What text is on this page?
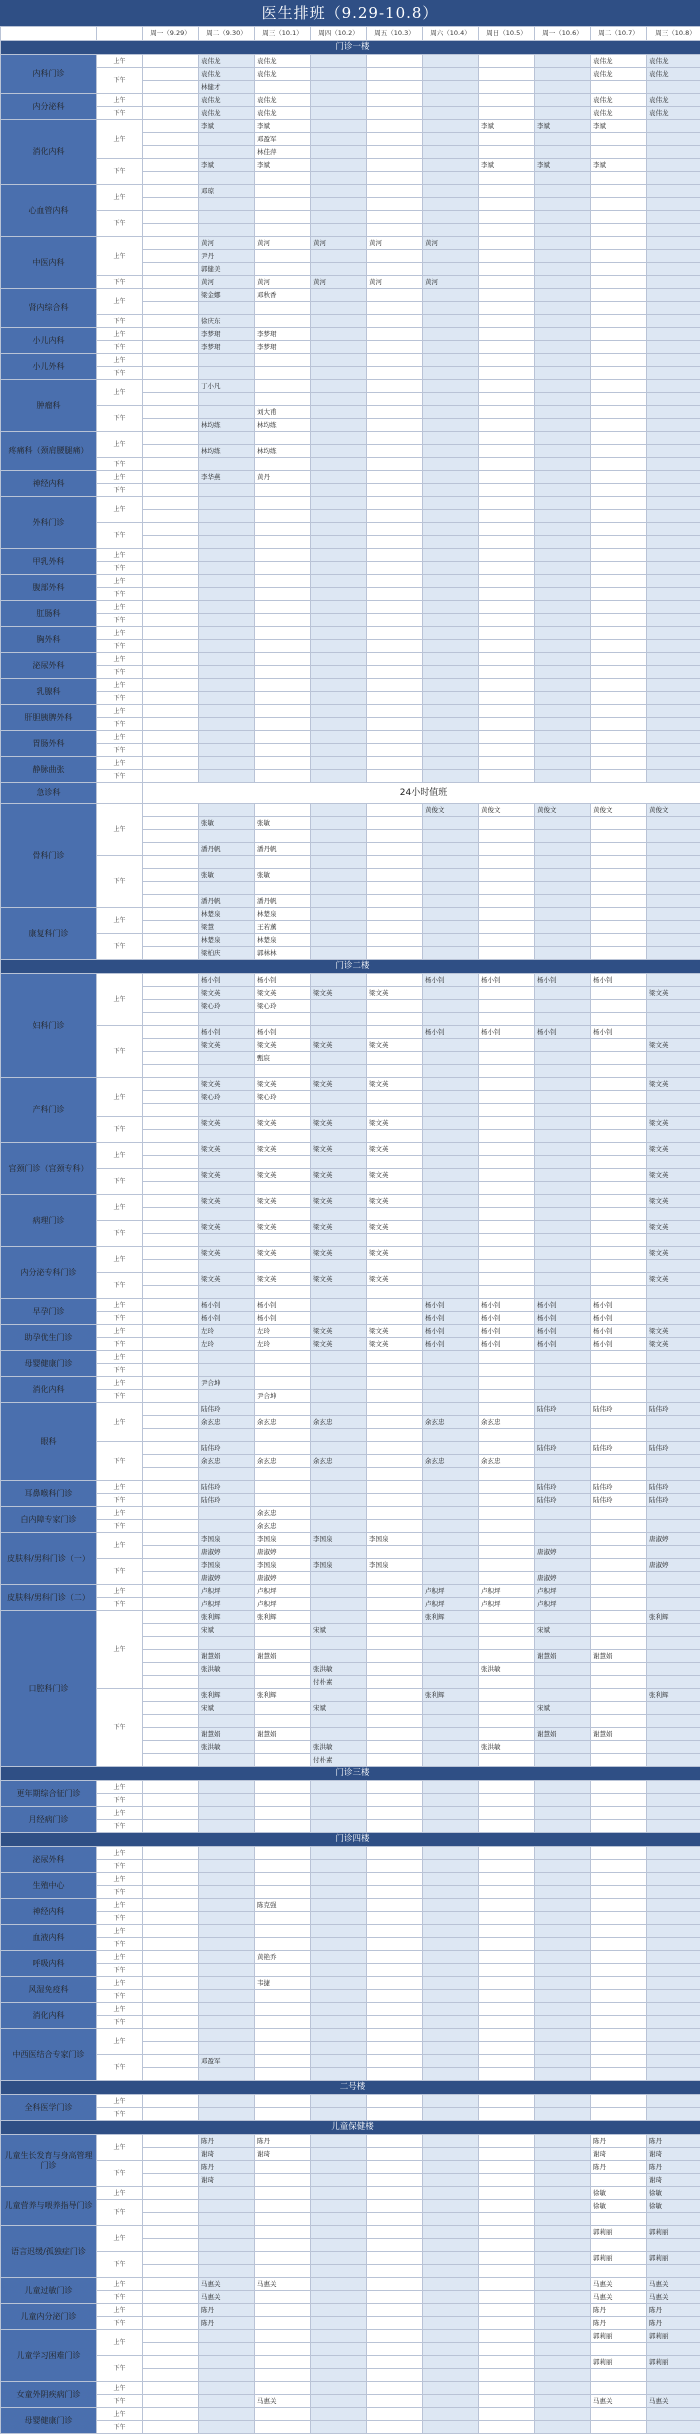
医生排班（9.29-10.8）
		周一（9.29）	周二（9.30）	周三（10.1）	周四（10.2）	周五（10.3）	周六（10.4）	周日（10.5）	周一（10.6）	周二（10.7）	周三（10.8）
门诊一楼											
内科门诊	上午		袁伟龙	袁伟龙						袁伟龙	袁伟龙
	下午		袁伟龙	袁伟龙						袁伟龙	袁伟龙
			林健才								
内分泌科	上午		袁伟龙	袁伟龙						袁伟龙	袁伟龙
	下午		袁伟龙	袁伟龙						袁伟龙	袁伟龙
消化内科	上午		李斌	李斌				李斌	李斌	李斌	
				邓盈军							
				林佳萍							
	下午		李斌	李斌				李斌	李斌	李斌	

心血管内科	上午		邓琼								

	下午										

中医内科	上午		黄河	黄河	黄河	黄河	黄河				
			尹丹								
			郭健美								
	下午		黄河	黄河	黄河	黄河	黄河				
肾内综合科	上午		梁金娜	邓秋香							

	下午		徐庆东								
小儿内科	上午		李梦珺	李梦珺							
	下午		李梦珺	李梦珺							
小儿外科	上午										
	下午										
肿瘤科	上午		丁小凡								

	下午			刘大甫							
			林均练	林均练							
疼痛科（颈肩腰腿痛）	上午										
			林均练	林均练							
	下午										
神经内科	上午		李华燕	黄丹							
	下午										
外科门诊	上午										

	下午										

甲乳外科	上午										
	下午										
腹部外科	上午										
	下午										
肛肠科	上午										
	下午										
胸外科	上午										
	下午										
泌尿外科	上午										
	下午										
乳腺科	上午										
	下午										
肝胆胰脾外科	上午										
	下午										
胃肠外科	上午										
	下午										
静脉曲张	上午										
	下午										
急诊科		24小时值班									
骨科门诊	上午						黄俊文	黄俊文	黄俊文	黄俊文	黄俊文
			张敏	张敏							

			潘丹帆	潘丹帆							
	下午										
			张敏	张敏							

			潘丹帆	潘丹帆							
康复科门诊	上午		林楚泉	林楚泉							
			梁慧	王若薰							
	下午		林楚泉	林楚泉							
			梁柏庆	郭林林							
门诊二楼											
妇科门诊	上午		杨小钊	杨小钊			杨小钊	杨小钊	杨小钊	杨小钊	
			梁文英	梁文英	梁文英	梁文英					梁文英
			梁心玲	梁心玲							

	下午		杨小钊	杨小钊			杨小钊	杨小钊	杨小钊	杨小钊	
			梁文英	梁文英	梁文英	梁文英					梁文英
				甄宸							

产科门诊	上午		梁文英	梁文英	梁文英	梁文英					梁文英
			梁心玲	梁心玲							

	下午		梁文英	梁文英	梁文英	梁文英					梁文英

宫颈门诊（宫颈专科）	上午		梁文英	梁文英	梁文英	梁文英					梁文英

	下午		梁文英	梁文英	梁文英	梁文英					梁文英

病理门诊	上午		梁文英	梁文英	梁文英	梁文英					梁文英

	下午		梁文英	梁文英	梁文英	梁文英					梁文英

内分泌专科门诊	上午		梁文英	梁文英	梁文英	梁文英					梁文英

	下午		梁文英	梁文英	梁文英	梁文英					梁文英

早孕门诊	上午		杨小钊	杨小钊			杨小钊	杨小钊	杨小钊	杨小钊	
	下午		杨小钊	杨小钊			杨小钊	杨小钊	杨小钊	杨小钊	
助孕优生门诊	上午		左玲	左玲	梁文英	梁文英	杨小钊	杨小钊	杨小钊	杨小钊	梁文英
	下午		左玲	左玲	梁文英	梁文英	杨小钊	杨小钊	杨小钊	杨小钊	梁文英
母婴健康门诊	上午										
	下午										
消化内科	上午		尹合坤								
	下午			尹合坤							
眼科	上午		陆伟玲						陆伟玲	陆伟玲	陆伟玲
			余玄忠	余玄忠	余玄忠		余玄忠	余玄忠			

	下午		陆伟玲						陆伟玲	陆伟玲	陆伟玲
			余玄忠	余玄忠	余玄忠		余玄忠	余玄忠			

耳鼻喉科门诊	上午		陆伟玲						陆伟玲	陆伟玲	陆伟玲
	下午		陆伟玲						陆伟玲	陆伟玲	陆伟玲
白内障专家门诊	上午			余玄忠							
	下午			余玄忠							
皮肤科/男科门诊（一）	上午		李国泉	李国泉	李国泉	李国泉					唐淑婷
			唐淑婷	唐淑婷					唐淑婷		
	下午		李国泉	李国泉	李国泉	李国泉					唐淑婷
			唐淑婷	唐淑婷					唐淑婷		
皮肤科/男科门诊（二）	上午		卢积坪	卢积坪			卢积坪	卢积坪	卢积坪		
	下午		卢积坪	卢积坪			卢积坪	卢积坪	卢积坪		
口腔科门诊	上午		张利辉	张利辉			张利辉				张利辉
			宋斌		宋斌				宋斌		

			谢慧娟	谢慧娟					谢慧娟	谢慧娟	
			张洪敏		张洪敏			张洪敏			
					付朴素						
	下午		张利辉	张利辉			张利辉				张利辉
			宋斌		宋斌				宋斌		

			谢慧娟	谢慧娟					谢慧娟	谢慧娟	
			张洪敏		张洪敏			张洪敏			
					付朴素						
门诊三楼											
更年期综合征门诊	上午										
	下午										
月经病门诊	上午										
	下午										
门诊四楼											
泌尿外科	上午										
	下午										
生殖中心	上午										
	下午										
神经内科	上午			陈克强							
	下午										
血液内科	上午										
	下午										
呼吸内科	上午			黄艳乔							
	下午										
风湿免疫科	上午			韦捷							
	下午										
消化内科	上午										
	下午										
中西医结合专家门诊	上午										

	下午		邓盈军								

二号楼											
全科医学门诊	上午										
	下午										
儿童保健楼											
儿童生长发育与身高管理门诊	上午		陈丹	陈丹						陈丹	陈丹
			谢琦	谢琦						谢琦	谢琦
	下午		陈丹							陈丹	陈丹
			谢琦								谢琦
儿童营养与喂养指导门诊	上午									徐敏	徐敏
	下午									徐敏	徐敏

语言迟缓/孤独症门诊	上午									郭莉丽	郭莉丽

	下午									郭莉丽	郭莉丽

儿童过敏门诊	上午		马惠关	马惠关						马惠关	马惠关
	下午		马惠关							马惠关	马惠关
儿童内分泌门诊	上午		陈丹							陈丹	陈丹
	下午		陈丹							陈丹	陈丹
儿童学习困难门诊	上午									郭莉丽	郭莉丽

	下午									郭莉丽	郭莉丽

女童外阴疾病门诊	上午										
	下午			马惠关						马惠关	马惠关
母婴健康门诊	上午										
	下午										
